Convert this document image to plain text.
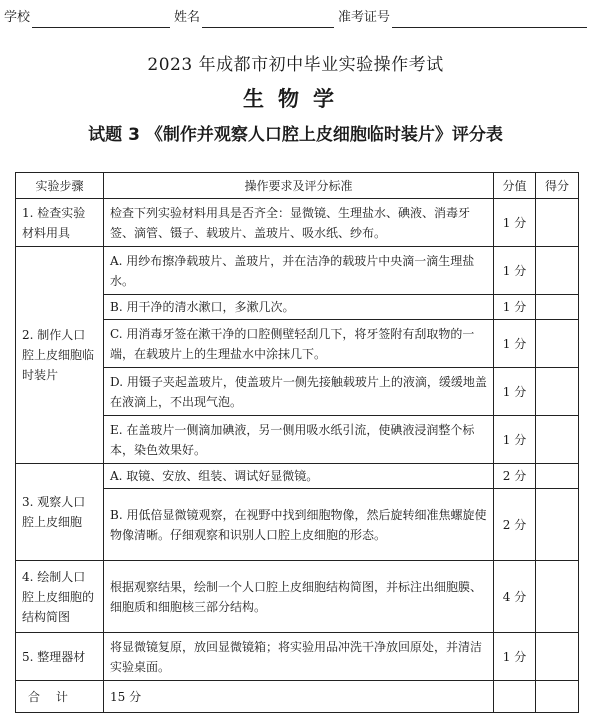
学校	姓名	准考证号
2023 年成都市初中毕业实验操作考试
生物学
试题 3 《制作并观察人口腔上皮细胞临时装片》评分表
实验步骤	操作要求及评分标准	分值	得分
1. 检查实验材料用具	检查下列实验材料用具是否齐全：显微镜、生理盐水、碘液、消毒牙签、滴管、镊子、载玻片、盖玻片、吸水纸、纱布。	1 分	
2. 制作人口腔上皮细胞临时装片	A. 用纱布擦净载玻片、盖玻片，并在洁净的载玻片中央滴一滴生理盐水。	1 分	
	B. 用干净的清水漱口，多漱几次。	1 分	
	C. 用消毒牙签在漱干净的口腔侧壁轻刮几下，将牙签附有刮取物的一端，在载玻片上的生理盐水中涂抹几下。	1 分	
	D. 用镊子夹起盖玻片，使盖玻片一侧先接触载玻片上的液滴，缓缓地盖在液滴上，不出现气泡。	1 分	
	E. 在盖玻片一侧滴加碘液，另一侧用吸水纸引流，使碘液浸润整个标本，染色效果好。	1 分	
3. 观察人口腔上皮细胞	A. 取镜、安放、组装、调试好显微镜。	2 分	
	B. 用低倍显微镜观察，在视野中找到细胞物像，然后旋转细准焦螺旋使物像清晰。仔细观察和识别人口腔上皮细胞的形态。	2 分	
4. 绘制人口腔上皮细胞的结构简图	根据观察结果，绘制一个人口腔上皮细胞结构简图，并标注出细胞膜、细胞质和细胞核三部分结构。	4 分	
5. 整理器材	将显微镜复原，放回显微镜箱；将实验用品冲洗干净放回原处，并清洁实验桌面。	1 分	
合 计	15 分		
